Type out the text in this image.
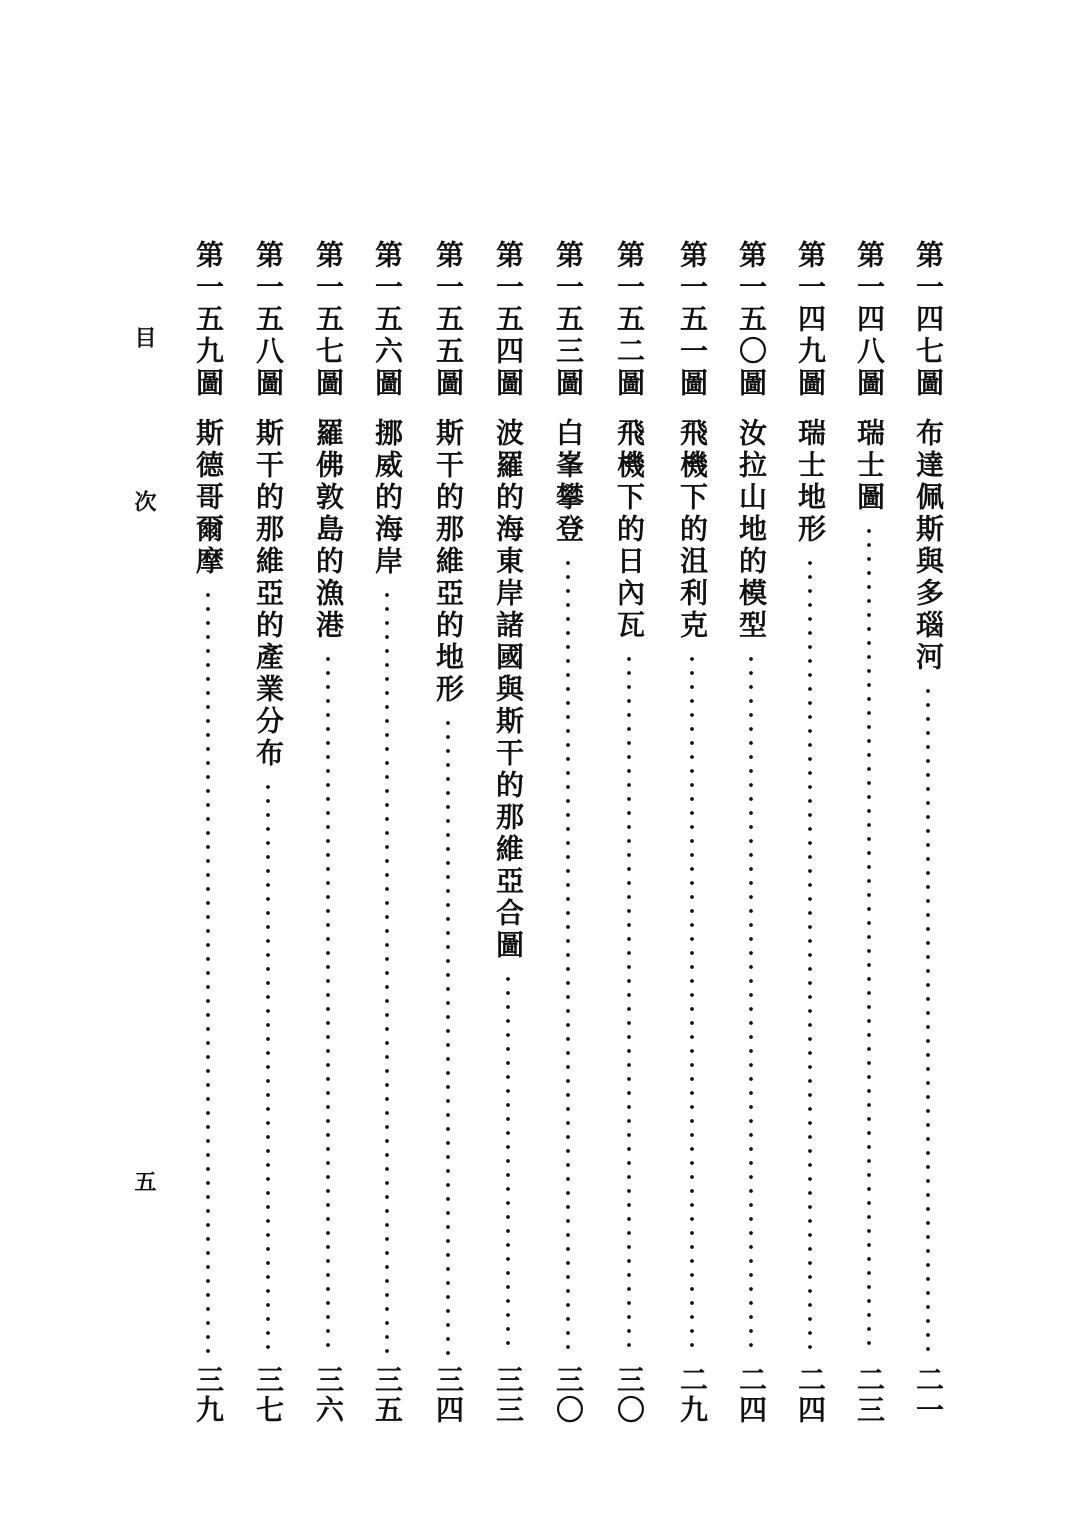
第一四七圖
布達佩斯與多瑙河
二一
第一四八圖
瑞士圖
二三
第一四九圖
瑞士地形
二四
第一五〇圖
汝拉山地的模型
二四
第一五一圖
飛機下的沮利克
二九
第一五二圖
飛機下的日內瓦
三〇
第一五三圖
白峯攀登
三〇
第一五四圖
波羅的海東岸諸國與斯干的那維亞合圖
三三
第一五五圖
斯干的那維亞的地形
三四
第一五六圖
挪威的海岸
三五
第一五七圖
羅佛敦島的漁港
三六
第一五八圖
斯干的那維亞的產業分布
三七
第一五九圖
斯德哥爾摩
三九
目
次
五
